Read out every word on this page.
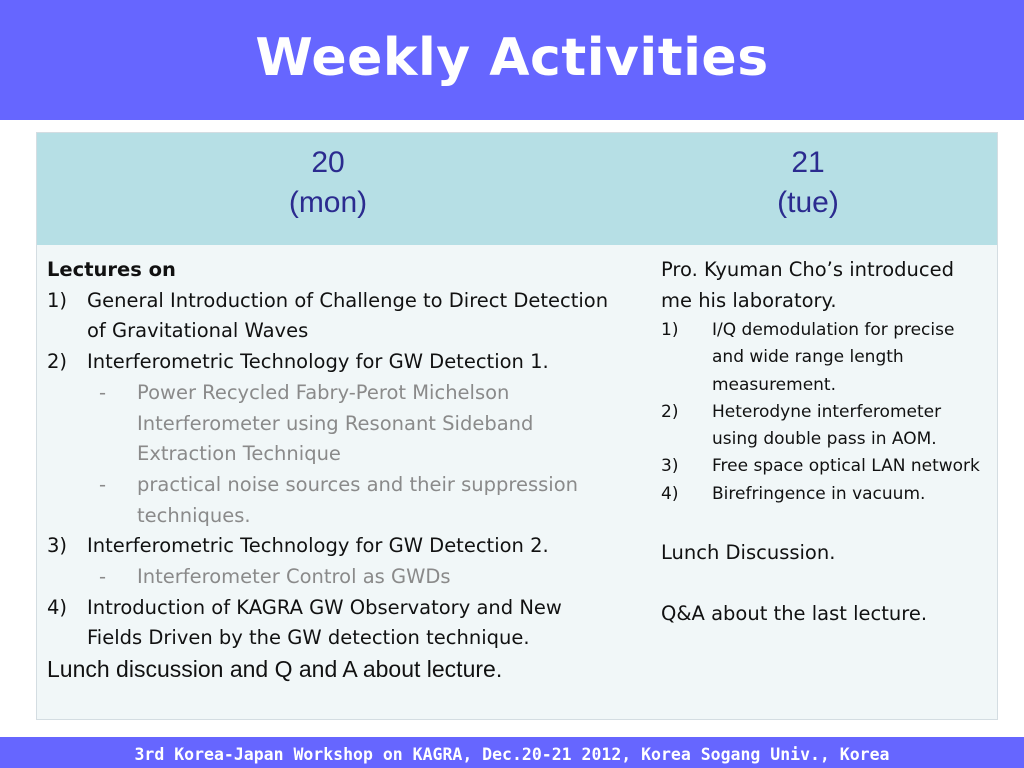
Weekly Activities
20
(mon)
21
(tue)
Lectures on
1) General Introduction of Challenge to Direct Detection of Gravitational Waves
2) Interferometric Technology for GW Detection 1.
- Power Recycled Fabry-Perot Michelson Interferometer using Resonant Sideband Extraction Technique
- practical noise sources and their suppression techniques.
3) Interferometric Technology for GW Detection 2.
- Interferometer Control as GWDs
4) Introduction of KAGRA GW Observatory and New Fields Driven by the GW detection technique.
Lunch discussion and Q and A about lecture.
Pro. Kyuman Cho’s introduced me his laboratory.
1) I/Q demodulation for precise and wide range length measurement.
2) Heterodyne interferometer using double pass in AOM.
3) Free space optical LAN network
4) Birefringence in vacuum.
Lunch Discussion.
Q&A about the last lecture.
3rd Korea-Japan Workshop on KAGRA, Dec.20-21 2012, Korea Sogang Univ., Korea
